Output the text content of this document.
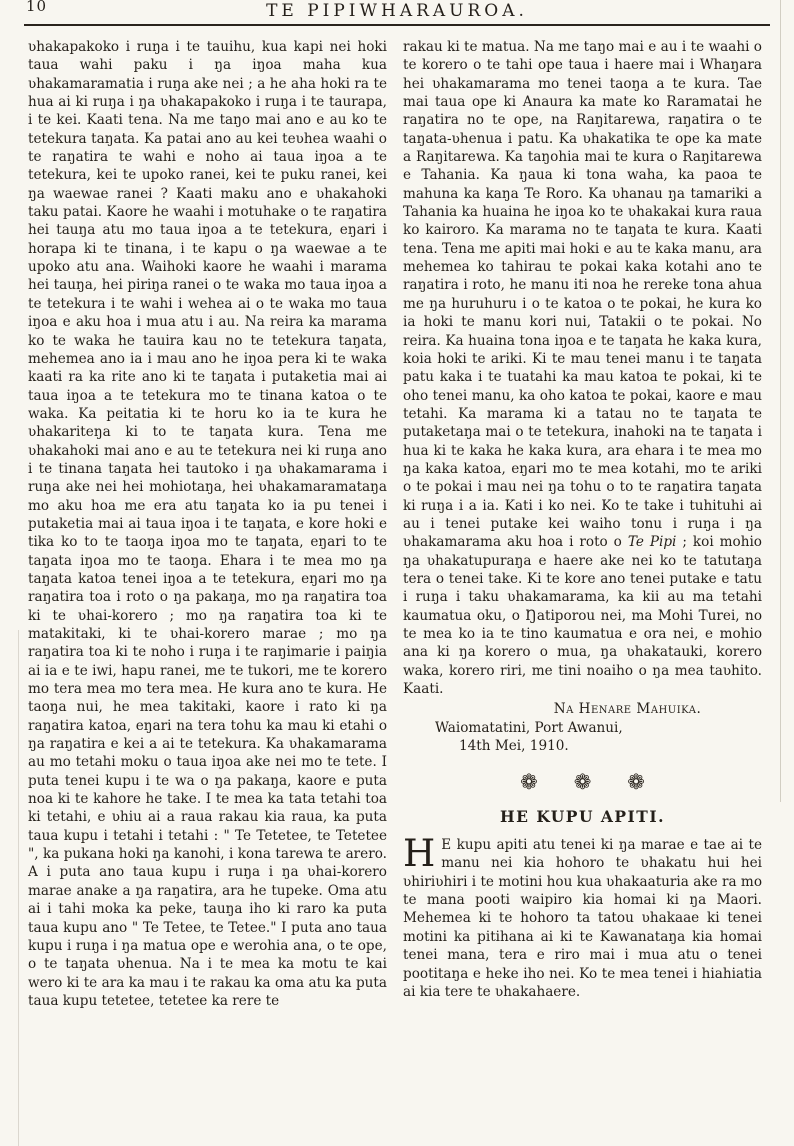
10	TE PIPIWHARAUROA.

ʋhakapakoko i ruŋa i te tauihu, kua kapi nei hoki taua wahi paku i ŋa iŋoa maha kua ʋhakamaramatia i ruŋa ake nei ; a he aha hoki ra te hua ai ki ruŋa i ŋa ʋhakapakoko i ruŋa i te taurapa, i te kei. Kaati tena. Na me taŋo mai ano e au ko te tetekura taŋata. Ka patai ano au kei teʋhea waahi o te raŋatira te wahi e noho ai taua iŋoa a te tetekura, kei te upoko ranei, kei te puku ranei, kei ŋa waewae ranei ? Kaati maku ano e ʋhakahoki taku patai. Kaore he waahi i motuhake o te raŋatira hei tauŋa atu mo taua iŋoa a te tetekura, eŋari i horapa ki te tinana, i te kapu o ŋa waewae a te upoko atu ana. Waihoki kaore he waahi i marama hei tauŋa, hei piriŋa ranei o te waka mo taua iŋoa a te tetekura i te wahi i wehea ai o te waka mo taua iŋoa e aku hoa i mua atu i au. Na reira ka marama ko te waka he tauira kau no te tetekura taŋata, mehemea ano ia i mau ano he iŋoa pera ki te waka kaati ra ka rite ano ki te taŋata i putaketia mai ai taua iŋoa a te tetekura mo te tinana katoa o te waka. Ka peitatia ki te horu ko ia te kura he ʋhakariteŋa ki to te taŋata kura. Tena me ʋhakahoki mai ano e au te tetekura nei ki ruŋa ano i te tinana taŋata hei tautoko i ŋa ʋhakamarama i ruŋa ake nei hei mohiotaŋa, hei ʋhakamaramataŋa mo aku hoa me era atu taŋata ko ia pu tenei i putaketia mai ai taua iŋoa i te taŋata, e kore hoki e tika ko to te taoŋa iŋoa mo te taŋata, eŋari to te taŋata iŋoa mo te taoŋa. Ehara i te mea mo ŋa taŋata katoa tenei iŋoa a te tetekura, eŋari mo ŋa raŋatira toa i roto o ŋa pakaŋa, mo ŋa raŋatira toa ki te ʋhai-korero ; mo ŋa raŋatira toa ki te matakitaki, ki te ʋhai-korero marae ; mo ŋa raŋatira toa ki te noho i ruŋa i te raŋimarie i paiŋia ai ia e te iwi, hapu ranei, me te tukori, me te korero mo tera mea mo tera mea. He kura ano te kura. He taoŋa nui, he mea takitaki, kaore i rato ki ŋa raŋatira katoa, eŋari na tera tohu ka mau ki etahi o ŋa raŋatira e kei a ai te tetekura. Ka ʋhakamarama au mo tetahi moku o taua iŋoa ake nei mo te tete. I puta tenei kupu i te wa o ŋa pakaŋa, kaore e puta noa ki te kahore he take. I te mea ka tata tetahi toa ki tetahi, e ʋhiu ai a raua rakau kia raua, ka puta taua kupu i tetahi i tetahi : " Te Tetetee, te Tetetee ", ka pukana hoki ŋa kanohi, i kona tarewa te arero. A i puta ano taua kupu i ruŋa i ŋa ʋhai-korero marae anake a ŋa raŋatira, ara he tupeke. Oma atu ai i tahi moka ka peke, tauŋa iho ki raro ka puta taua kupu ano " Te Tetee, te Tetee." I puta ano taua kupu i ruŋa i ŋa matua ope e werohia ana, o te ope, o te taŋata ʋhenua. Na i te mea ka motu te kai wero ki te ara ka mau i te rakau ka oma atu ka puta taua kupu tetetee, tetetee ka rere te

rakau ki te matua. Na me taŋo mai e au i te waahi o te korero o te tahi ope taua i haere mai i Whaŋara hei ʋhakamarama mo tenei taoŋa a te kura. Tae mai taua ope ki Anaura ka mate ko Raramatai he raŋatira no te ope, na Raŋitarewa, raŋatira o te taŋata-ʋhenua i patu. Ka ʋhakatika te ope ka mate a Raŋitarewa. Ka taŋohia mai te kura o Raŋitarewa e Tahania. Ka ŋaua ki tona waha, ka paoa te mahuna ka kaŋa Te Roro. Ka ʋhanau ŋa tamariki a Tahania ka huaina he iŋoa ko te ʋhakakai kura raua ko kairoro. Ka marama no te taŋata te kura. Kaati tena. Tena me apiti mai hoki e au te kaka manu, ara mehemea ko tahirau te pokai kaka kotahi ano te raŋatira i roto, he manu iti noa he rereke tona ahua me ŋa huruhuru i o te katoa o te pokai, he kura ko ia hoki te manu kori nui, Tatakii o te pokai. No reira. Ka huaina tona iŋoa e te taŋata he kaka kura, koia hoki te ariki. Ki te mau tenei manu i te taŋata patu kaka i te tuatahi ka mau katoa te pokai, ki te oho tenei manu, ka oho katoa te pokai, kaore e mau tetahi. Ka marama ki a tatau no te taŋata te putaketaŋa mai o te tetekura, inahoki na te taŋata i hua ki te kaka he kaka kura, ara ehara i te mea mo ŋa kaka katoa, eŋari mo te mea kotahi, mo te ariki o te pokai i mau nei ŋa tohu o to te raŋatira taŋata ki ruŋa i a ia. Kati i ko nei. Ko te take i tuhituhi ai au i tenei putake kei waiho tonu i ruŋa i ŋa ʋhakamarama aku hoa i roto o Te Pipi ; koi mohio ŋa ʋhakatupuraŋa e haere ake nei ko te tatutaŋa tera o tenei take. Ki te kore ano tenei putake e tatu i ruŋa i taku ʋhakamarama, ka kii au ma tetahi kaumatua oku, o Ŋatiporou nei, ma Mohi Turei, no te mea ko ia te tino kaumatua e ora nei, e mohio ana ki ŋa korero o mua, ŋa ʋhakatauki, korero waka, korero riri, me tini noaiho o ŋa mea taʋhito. Kaati.

Na Henare Mahuika.

Waiomatatini, Port Awanui,

14th Mei, 1910.

❁ ❁ ❁
HE KUPU APITI.

H E kupu apiti atu tenei ki ŋa marae e tae ai te manu nei kia hohoro te ʋhakatu hui hei ʋhiriʋhiri i te motini hou kua ʋhakaaturia ake ra mo te mana pooti waipiro kia homai ki ŋa Maori. Mehemea ki te hohoro ta tatou ʋhakaae ki tenei motini ka pitihana ai ki te Kawanataŋa kia homai tenei mana, tera e riro mai i mua atu o tenei pootitaŋa e heke iho nei. Ko te mea tenei i hiahiatia ai kia tere te ʋhakahaere.
